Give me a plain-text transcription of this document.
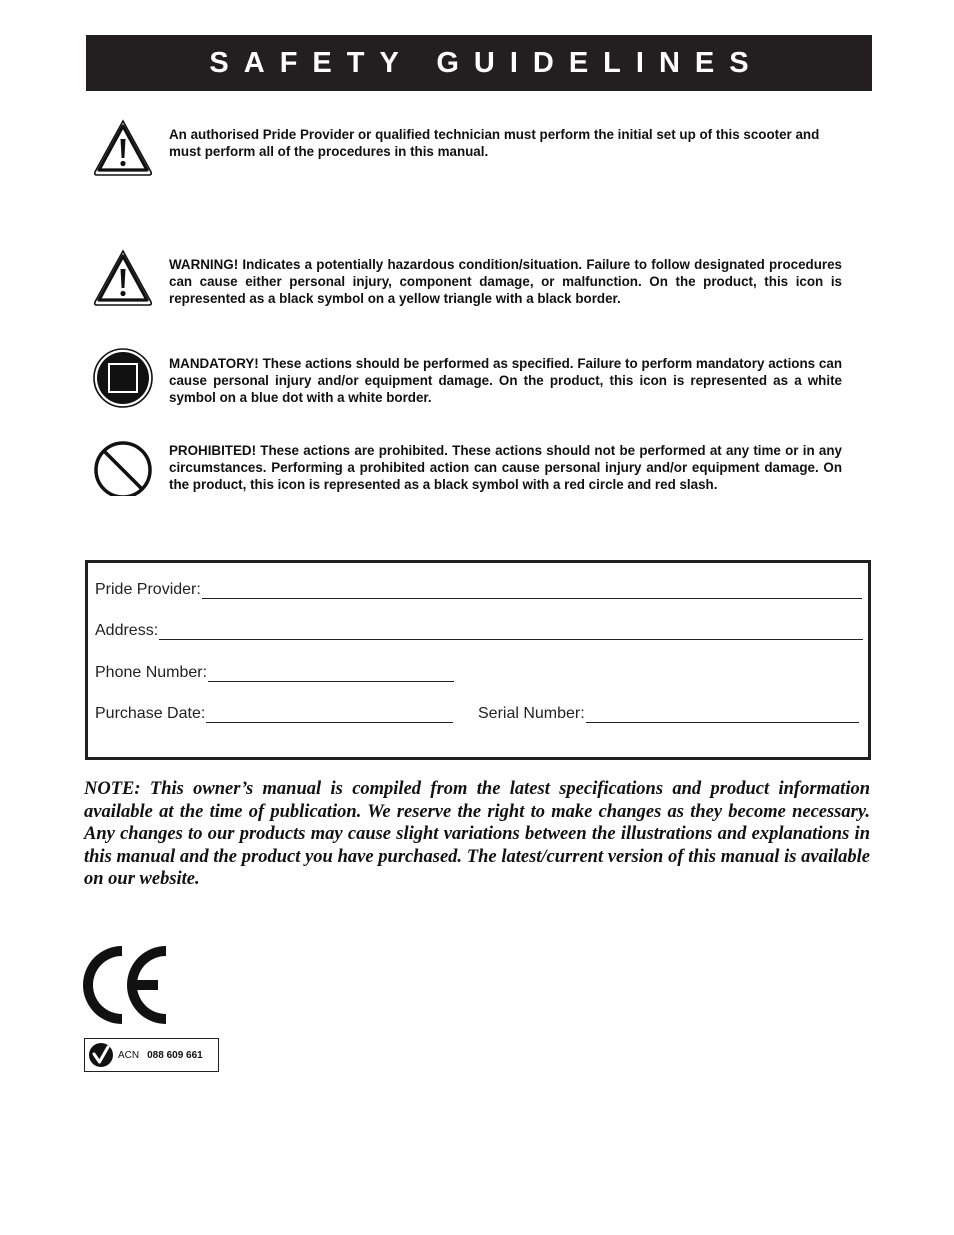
SAFETY GUIDELINES
An authorised Pride Provider or qualified technician must perform the initial set up of this scooter and must perform all of the procedures in this manual.
WARNING! Indicates a potentially hazardous condition/situation. Failure to follow designated procedures can cause either personal injury, component damage, or malfunction. On the product, this icon is represented as a black symbol on a yellow triangle with a black border.
MANDATORY! These actions should be performed as specified. Failure to perform mandatory actions can cause personal injury and/or equipment damage. On the product, this icon is represented as a white symbol on a blue dot with a white border.
PROHIBITED! These actions are prohibited. These actions should not be performed at any time or in any circumstances. Performing a prohibited action can cause personal injury and/or equipment damage. On the product, this icon is represented as a black symbol with a red circle and red slash.
Pride Provider:
Address:
Phone Number:
Purchase Date:	Serial Number:
NOTE: This owner’s manual is compiled from the latest specifications and product information available at the time of publication. We reserve the right to make changes as they become necessary. Any changes to our products may cause slight variations between the illustrations and explanations in this manual and the product you have purchased. The latest/current version of this manual is available on our website.
ACN 088 609 661
